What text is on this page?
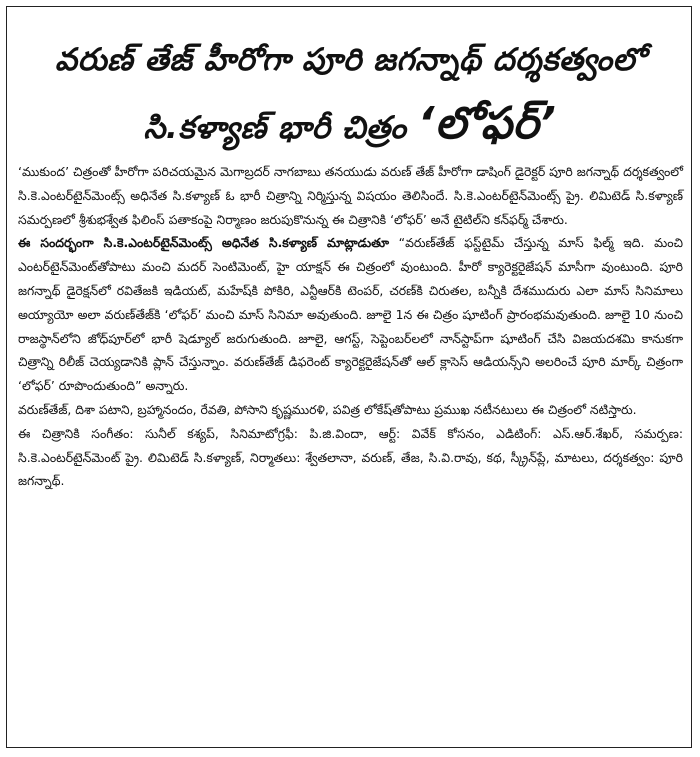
వరుణ్‌ తేజ్‌ హీరోగా పూరి జగన్నాథ్‌ దర్శకత్వంలో
సి.కళ్యాణ్‌ భారీ చిత్రం ‘లోఫర్‌’

‘ముకుంద’ చిత్రంతో హీరోగా పరిచయమైన మెగాబ్రదర్‌ నాగబాబు తనయుడు వరుణ్‌ తేజ్‌ హీరోగా డాషింగ్‌ డైరెక్టర్‌ పూరి జగన్నాథ్‌ దర్శకత్వంలో సి.కె.ఎంటర్‌టైన్‌మెంట్స్‌ అధినేత సి.కళ్యాణ్‌ ఓ భారీ చిత్రాన్ని నిర్మిస్తున్న విషయం తెలిసిందే. సి.కె.ఎంటర్‌టైన్‌మెంట్స్‌ ప్రై. లిమిటెడ్‌ సి.కళ్యాణ్‌ సమర్పణలో శ్రీశుభశ్వేత ఫిలింస్‌ పతాకంపై నిర్మాణం జరుపుకొనున్న ఈ చిత్రానికి ‘లోఫర్‌’ అనే టైటిల్‌ని కన్‌ఫర్మ్‌ చేశారు.

ఈ సందర్భంగా సి.కె.ఎంటర్‌టైన్‌మెంట్స్‌ అధినేత సి.కళ్యాణ్‌ మాట్లాడుతూ “వరుణ్‌తేజ్‌ ఫస్ట్‌టైమ్‌ చేస్తున్న మాస్‌ ఫిల్మ్‌ ఇది. మంచి ఎంటర్‌టైన్‌మెంట్‌తోపాటు మంచి మదర్‌ సెంటిమెంట్‌, హై యాక్షన్‌ ఈ చిత్రంలో వుంటుంది. హీరో క్యారెక్టరైజేషన్‌ మాసీగా వుంటుంది. పూరి జగన్నాథ్‌ డైరెక్షన్‌లో రవితేజకి ఇడియట్‌, మహేష్‌కి పోకిరి, ఎన్టీఆర్‌కి టెంపర్‌, చరణ్‌కి చిరుతల, బన్నీకి దేశముదురు ఎలా మాస్‌ సినిమాలు అయ్యాయో అలా వరుణ్‌తేజ్‌కి ‘లోఫర్‌’ మంచి మాస్‌ సినిమా అవుతుంది. జూలై 1న ఈ చిత్రం షూటింగ్‌ ప్రారంభమవుతుంది. జూలై 10 నుంచి రాజస్థాన్‌లోని జోధ్‌పూర్‌లో భారీ షెడ్యూల్‌ జరుగుతుంది. జూలై, ఆగస్ట్‌, సెప్టెంబర్‌లలో నాన్‌స్టాప్‌గా షూటింగ్‌ చేసి విజయదశమి కానుకగా చిత్రాన్ని రిలీజ్‌ చెయ్యడానికి ప్లాన్‌ చేస్తున్నాం. వరుణ్‌తేజ్‌ డిఫరెంట్‌ క్యారెక్టరైజేషన్‌తో ఆల్‌ క్లాసెస్‌ ఆడియన్స్‌ని అలరించే పూరి మార్క్‌ చిత్రంగా ‘లోఫర్‌’ రూపొందుతుంది” అన్నారు.

వరుణ్‌తేజ్‌, దిశా పటాని, బ్రహ్మానందం, రేవతి, పోసాని కృష్ణమురళి, పవిత్ర లోకేష్‌తోపాటు ప్రముఖ నటీనటులు ఈ చిత్రంలో నటిస్తారు.

ఈ చిత్రానికి సంగీతం: సునీల్‌ కశ్యప్‌, సినిమాటోగ్రఫీ: పి.జి.విందా, ఆర్ట్‌: వివేక్‌ కోసనం, ఎడిటింగ్‌: ఎస్‌.ఆర్‌.శేఖర్‌, సమర్పణ: సి.కె.ఎంటర్‌టైన్‌మెంట్‌ ప్రై. లిమిటెడ్‌ సి.కళ్యాణ్‌, నిర్మాతలు: శ్వేతలానా, వరుణ్‌, తేజ, సి.వి.రావు, కథ, స్క్రీన్‌ప్లే, మాటలు, దర్శకత్వం: పూరి జగన్నాథ్‌.
